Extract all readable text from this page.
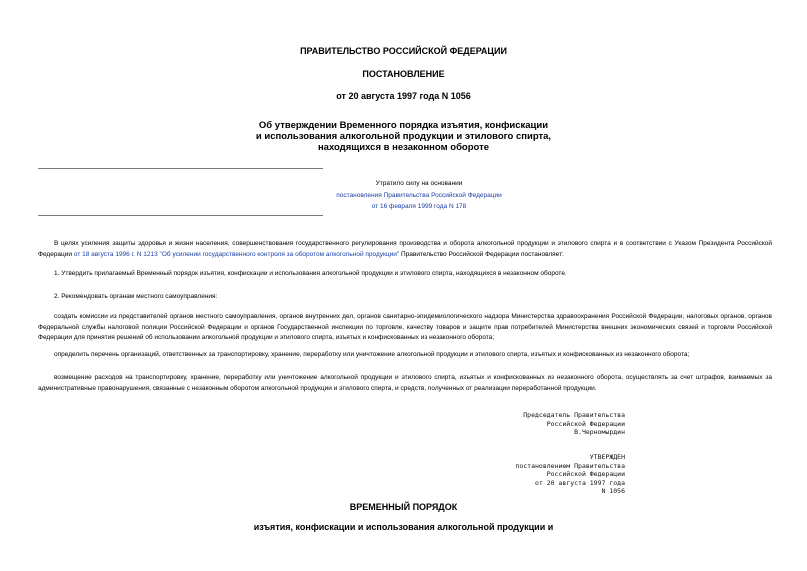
ПРАВИТЕЛЬСТВО РОССИЙСКОЙ ФЕДЕРАЦИИ
ПОСТАНОВЛЕНИЕ
от 20 августа 1997 года N 1056
Об утверждении Временного порядка изъятия, конфискации
и использования алкогольной продукции и этилового спирта,
находящихся в незаконном обороте
Утратило силу на основании
постановления Правительства Российской Федерации
от 16 февраля 1999 года N 178

В целях усиления защиты здоровья и жизни населения, совершенствования государственного регулирования производства и оборота алкогольной продукции и этилового спирта и в соответствии с Указом Президента Российской Федерации от 18 августа 1996 г. N 1213 "Об усилении государственного контроля за оборотом алкогольной продукции" Правительство Российской Федерации постановляет:

1. Утвердить прилагаемый Временный порядок изъятия, конфискации и использования алкогольной продукции и этилового спирта, находящихся в незаконном обороте.

2. Рекомендовать органам местного самоуправления:

создать комиссии из представителей органов местного самоуправления, органов внутренних дел, органов санитарно-эпидемиологического надзора Министерства здравоохранения Российской Федерации, налоговых органов, органов Федеральной службы налоговой полиции Российской Федерации и органов Государственной инспекции по торговле, качеству товаров и защите прав потребителей Министерства внешних экономических связей и торговли Российской Федерации для принятия решений об использовании алкогольной продукции и этилового спирта, изъятых и конфискованных из незаконного оборота;

определить перечень организаций, ответственных за транспортировку, хранение, переработку или уничтожение алкогольной продукции и этилового спирта, изъятых и конфискованных из незаконного оборота;

возмещение расходов на транспортировку, хранение, переработку или уничтожение алкогольной продукции и этилового спирта, изъятых и конфискованных из незаконного оборота, осуществлять за счет штрафов, взимаемых за административные правонарушения, связанные с незаконным оборотом алкогольной продукции и этилового спирта, и средств, полученных от реализации переработанной продукции.

Председатель Правительства
Российской Федерации
В.Черномырдин
УТВЕРЖДЕН
постановлением Правительства
Российской Федерации
от 20 августа 1997 года
N 1056
ВРЕМЕННЫЙ ПОРЯДОК
изъятия, конфискации и использования алкогольной продукции и
